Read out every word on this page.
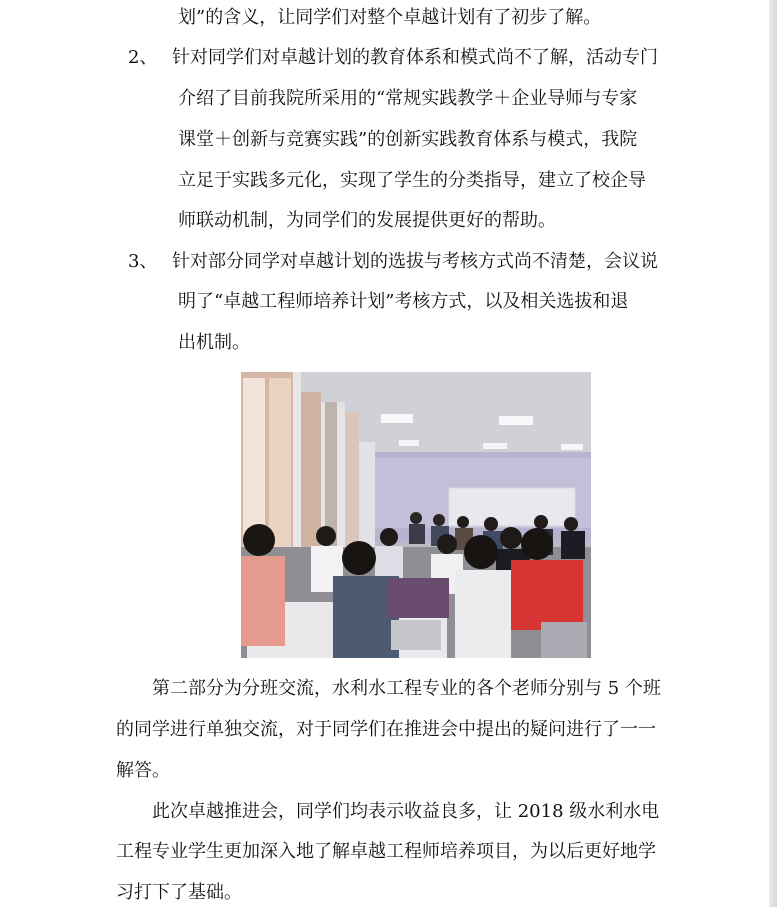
划”的含义，让同学们对整个卓越计划有了初步了解。
2、 针对同学们对卓越计划的教育体系和模式尚不了解，活动专门
介绍了目前我院所采用的“常规实践教学＋企业导师与专家
课堂＋创新与竞赛实践”的创新实践教育体系与模式，我院
立足于实践多元化，实现了学生的分类指导，建立了校企导
师联动机制，为同学们的发展提供更好的帮助。
3、 针对部分同学对卓越计划的选拔与考核方式尚不清楚，会议说
明了“卓越工程师培养计划”考核方式，以及相关选拔和退
出机制。
第二部分为分班交流，水利水工程专业的各个老师分别与 5 个班
的同学进行单独交流，对于同学们在推进会中提出的疑问进行了一一
解答。
此次卓越推进会，同学们均表示收益良多，让 2018 级水利水电
工程专业学生更加深入地了解卓越工程师培养项目，为以后更好地学
习打下了基础。
